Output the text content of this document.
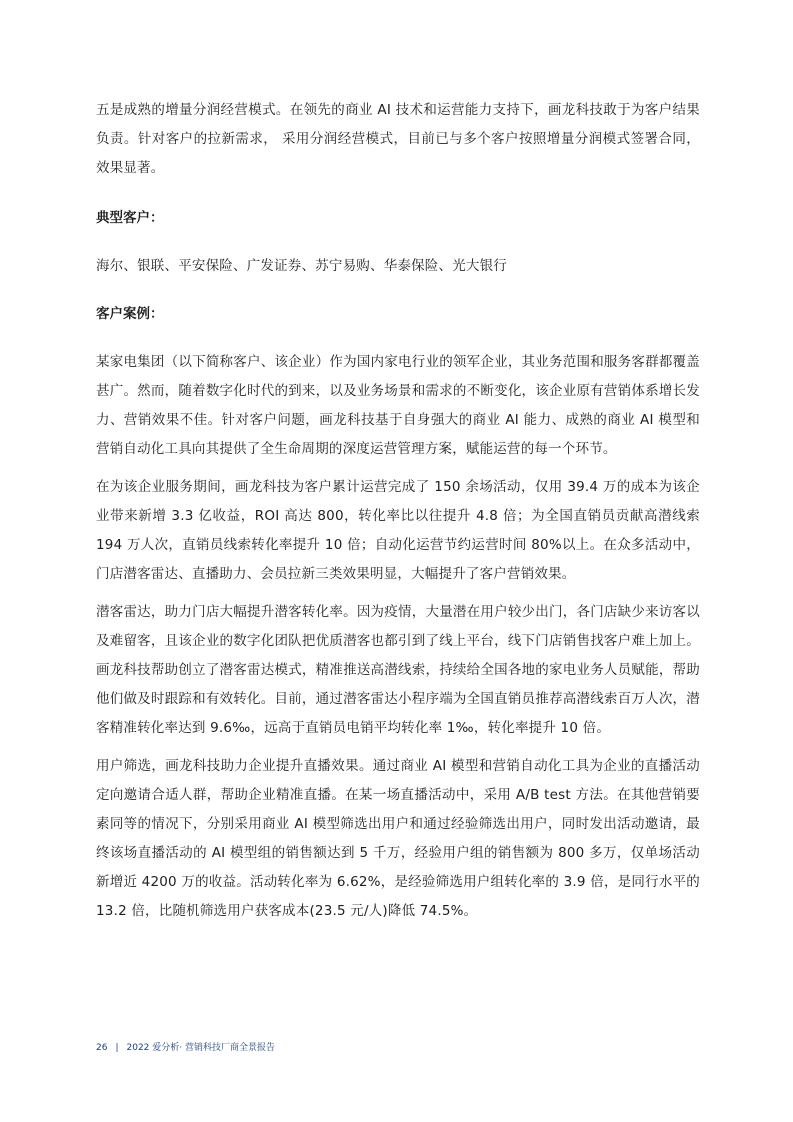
五是成熟的增量分润经营模式。在领先的商业 AI 技术和运营能力支持下，画龙科技敢于为客户结果负责。针对客户的拉新需求， 采用分润经营模式，目前已与多个客户按照增量分润模式签署合同，效果显著。

典型客户：

海尔、银联、平安保险、广发证券、苏宁易购、华泰保险、光大银行

客户案例：

某家电集团（以下简称客户、该企业）作为国内家电行业的领军企业，其业务范围和服务客群都覆盖甚广。然而，随着数字化时代的到来，以及业务场景和需求的不断变化，该企业原有营销体系增长发力、营销效果不佳。针对客户问题，画龙科技基于自身强大的商业 AI 能力、成熟的商业 AI 模型和营销自动化工具向其提供了全生命周期的深度运营管理方案，赋能运营的每一个环节。

在为该企业服务期间，画龙科技为客户累计运营完成了 150 余场活动，仅用 39.4 万的成本为该企业带来新增 3.3 亿收益，ROI 高达 800，转化率比以往提升 4.8 倍；为全国直销员贡献高潜线索 194 万人次，直销员线索转化率提升 10 倍；自动化运营节约运营时间 80%以上。在众多活动中，门店潜客雷达、直播助力、会员拉新三类效果明显，大幅提升了客户营销效果。

潜客雷达，助力门店大幅提升潜客转化率。因为疫情，大量潜在用户较少出门，各门店缺少来访客以及难留客，且该企业的数字化团队把优质潜客也都引到了线上平台，线下门店销售找客户难上加上。画龙科技帮助创立了潜客雷达模式，精准推送高潜线索，持续给全国各地的家电业务人员赋能，帮助他们做及时跟踪和有效转化。目前，通过潜客雷达小程序端为全国直销员推荐高潜线索百万人次，潜客精准转化率达到 9.6‰，远高于直销员电销平均转化率 1‰，转化率提升 10 倍。

用户筛选，画龙科技助力企业提升直播效果。通过商业 AI 模型和营销自动化工具为企业的直播活动定向邀请合适人群，帮助企业精准直播。在某一场直播活动中，采用 A/B test 方法。在其他营销要素同等的情况下，分别采用商业 AI 模型筛选出用户和通过经验筛选出用户，同时发出活动邀请，最终该场直播活动的 AI 模型组的销售额达到 5 千万，经验用户组的销售额为 800 多万，仅单场活动新增近 4200 万的收益。活动转化率为 6.62%，是经验筛选用户组转化率的 3.9 倍，是同行水平的 13.2 倍，比随机筛选用户获客成本(23.5 元/人)降低 74.5%。

26 | 2022 爱分析· 营销科技厂商全景报告
